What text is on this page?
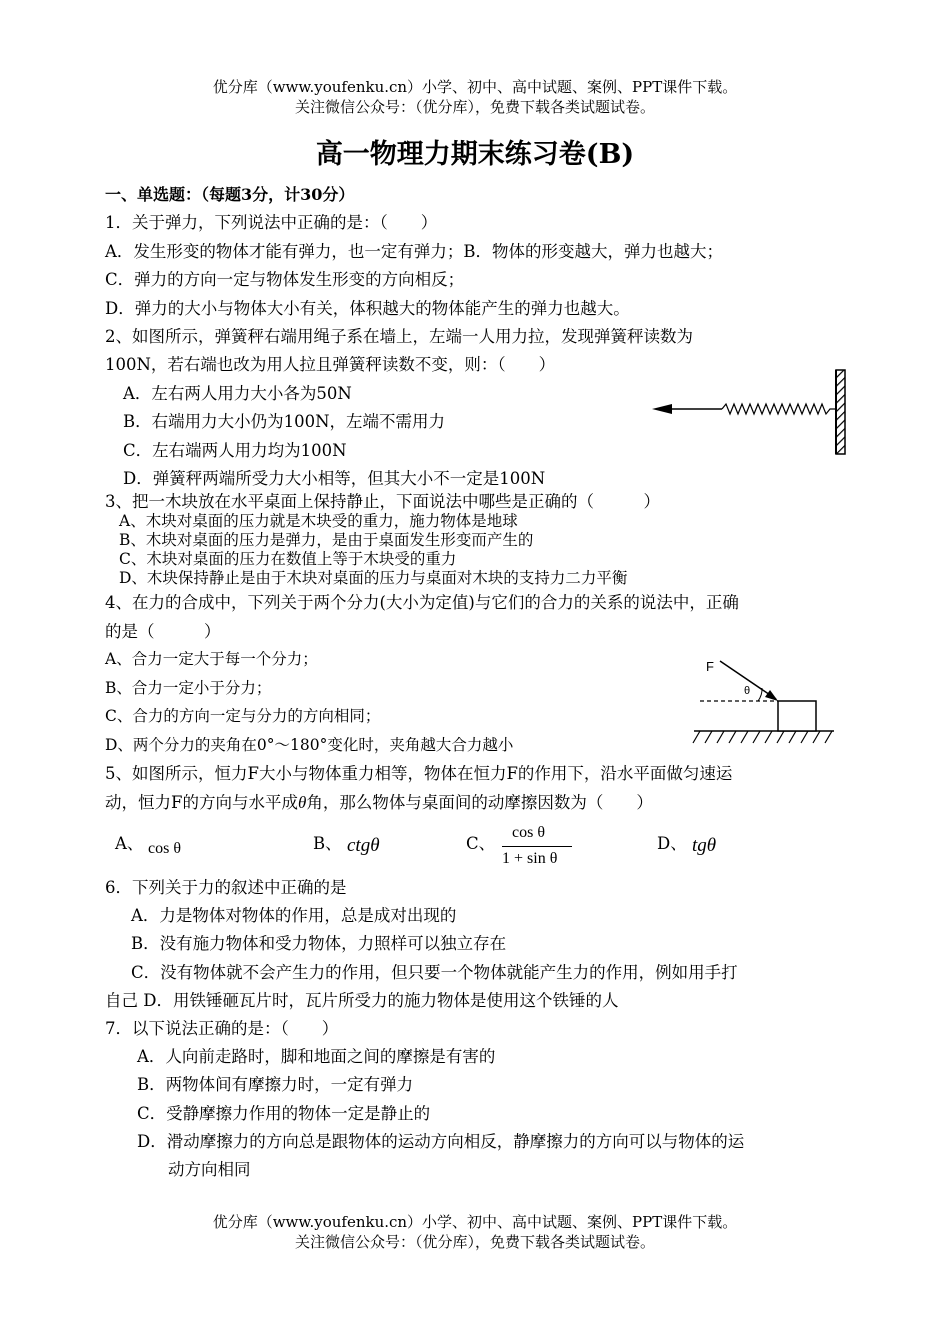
优分库（www.youfenku.cn）小学、初中、高中试题、案例、PPT课件下载。
关注微信公众号：（优分库），免费下载各类试题试卷。
高一物理力期末练习卷(B)
一、单选题：（每题3分，计30分）
1．关于弹力，下列说法中正确的是：（　　）
A．发生形变的物体才能有弹力，也一定有弹力；B．物体的形变越大，弹力也越大；
C．弹力的方向一定与物体发生形变的方向相反；
D．弹力的大小与物体大小有关，体积越大的物体能产生的弹力也越大。
2、如图所示，弹簧秤右端用绳子系在墙上，左端一人用力拉，发现弹簧秤读数为
100N，若右端也改为用人拉且弹簧秤读数不变，则：（　　）
A．左右两人用力大小各为50N
B．右端用力大小仍为100N，左端不需用力
C．左右端两人用力均为100N
D．弹簧秤两端所受力大小相等，但其大小不一定是100N
3、把一木块放在水平桌面上保持静止，下面说法中哪些是正确的（　　　）
A、木块对桌面的压力就是木块受的重力，施力物体是地球
B、木块对桌面的压力是弹力，是由于桌面发生形变而产生的
C、木块对桌面的压力在数值上等于木块受的重力
D、木块保持静止是由于木块对桌面的压力与桌面对木块的支持力二力平衡
4、在力的合成中，下列关于两个分力(大小为定值)与它们的合力的关系的说法中，正确
的是（　　　）
A、合力一定大于每一个分力；
B、合力一定小于分力；
C、合力的方向一定与分力的方向相同；
D、两个分力的夹角在0°～180°变化时，夹角越大合力越小
F
θ
5、如图所示，恒力F大小与物体重力相等，物体在恒力F的作用下，沿水平面做匀速运
动，恒力F的方向与水平成θ角，那么物体与桌面间的动摩擦因数为（　　）
A、 cos θ	B、 ctgθ	C、
cos θ
1 + sin θ
D、 tgθ
6．下列关于力的叙述中正确的是
A．力是物体对物体的作用，总是成对出现的
B．没有施力物体和受力物体，力照样可以独立存在
C．没有物体就不会产生力的作用，但只要一个物体就能产生力的作用，例如用手打
自己 D．用铁锤砸瓦片时，瓦片所受力的施力物体是使用这个铁锤的人
7．以下说法正确的是：（　　）
A．人向前走路时，脚和地面之间的摩擦是有害的
B．两物体间有摩擦力时，一定有弹力
C．受静摩擦力作用的物体一定是静止的
D．滑动摩擦力的方向总是跟物体的运动方向相反，静摩擦力的方向可以与物体的运
动方向相同
优分库（www.youfenku.cn）小学、初中、高中试题、案例、PPT课件下载。
关注微信公众号：（优分库），免费下载各类试题试卷。
